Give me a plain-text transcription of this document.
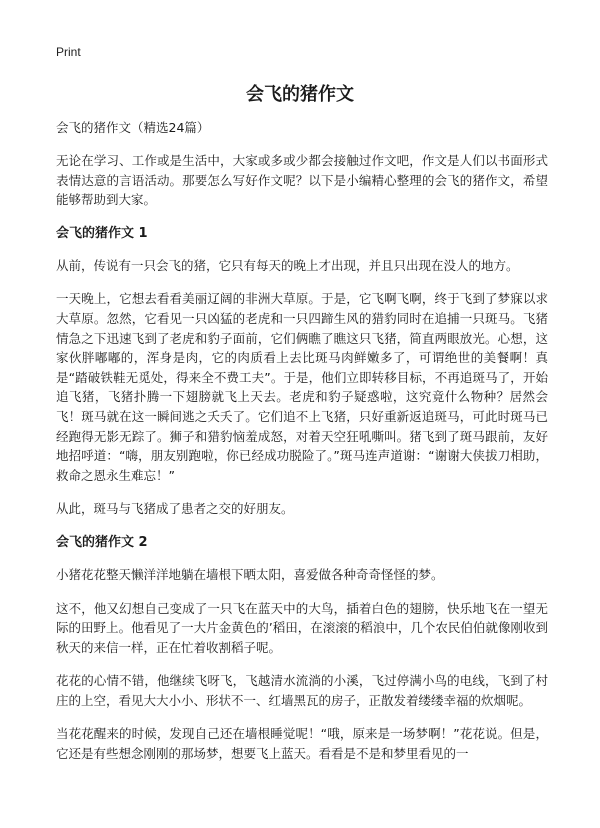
Print
会飞的猪作文
会飞的猪作文（精选24篇）

无论在学习、工作或是生活中，大家或多或少都会接触过作文吧，作文是人们以书面形式表情达意的言语活动。那要怎么写好作文呢？以下是小编精心整理的会飞的猪作文，希望能够帮助到大家。

会飞的猪作文 1

从前，传说有一只会飞的猪，它只有每天的晚上才出现，并且只出现在没人的地方。

一天晚上，它想去看看美丽辽阔的非洲大草原。于是，它飞啊飞啊，终于飞到了梦寐以求大草原。忽然，它看见一只凶猛的老虎和一只四蹄生风的猎豹同时在追捕一只斑马。飞猪情急之下迅速飞到了老虎和豹子面前，它们俩瞧了瞧这只飞猪，简直两眼放光。心想，这家伙胖嘟嘟的，浑身是肉，它的肉质看上去比斑马肉鲜嫩多了，可谓绝世的美餐啊！真是“踏破铁鞋无觅处，得来全不费工夫”。于是，他们立即转移目标，不再追斑马了，开始追飞猪，飞猪扑腾一下翅膀就飞上天去。老虎和豹子疑惑啦，这究竟什么物种？居然会飞！斑马就在这一瞬间逃之夭夭了。它们追不上飞猪，只好重新返追斑马，可此时斑马已经跑得无影无踪了。狮子和猎豹恼羞成怒，对着天空狂吼嘶叫。猪飞到了斑马跟前，友好地招呼道：“嗨，朋友别跑啦，你已经成功脱险了。”斑马连声道谢：“谢谢大侠拔刀相助，救命之恩永生难忘！”

从此，斑马与飞猪成了患者之交的好朋友。

会飞的猪作文 2

小猪花花整天懒洋洋地躺在墙根下晒太阳，喜爱做各种奇奇怪怪的梦。

这不，他又幻想自己变成了一只飞在蓝天中的大鸟，插着白色的翅膀，快乐地飞在一望无际的田野上。他看见了一大片金黄色的’稻田，在滚滚的稻浪中，几个农民伯伯就像刚收到秋天的来信一样，正在忙着收割稻子呢。

花花的心情不错，他继续飞呀飞，飞越清水流淌的小溪，飞过停满小鸟的电线，飞到了村庄的上空，看见大大小小、形状不一、红墙黑瓦的房子，正散发着缕缕幸福的炊烟呢。

当花花醒来的时候，发现自己还在墙根睡觉呢！“哦，原来是一场梦啊！”花花说。但是，它还是有些想念刚刚的那场梦，想要飞上蓝天。看看是不是和梦里看见的一
